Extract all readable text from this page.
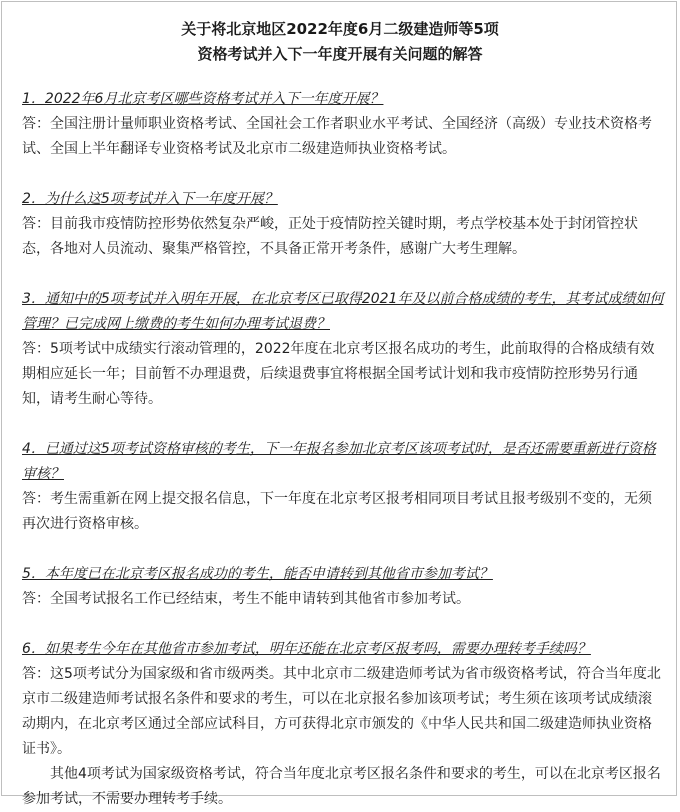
关于将北京地区2022年度6月二级建造师等5项
资格考试并入下一年度开展有关问题的解答
1．2022年6月北京考区哪些资格考试并入下一年度开展？
答：全国注册计量师职业资格考试、全国社会工作者职业水平考试、全国经济（高级）专业技术资格考试、全国上半年翻译专业资格考试及北京市二级建造师执业资格考试。
2．为什么这5项考试并入下一年度开展？
答：目前我市疫情防控形势依然复杂严峻，正处于疫情防控关键时期，考点学校基本处于封闭管控状态，各地对人员流动、聚集严格管控，不具备正常开考条件，感谢广大考生理解。
3．通知中的5项考试并入明年开展，在北京考区已取得2021年及以前合格成绩的考生，其考试成绩如何管理？已完成网上缴费的考生如何办理考试退费？
答：5项考试中成绩实行滚动管理的，2022年度在北京考区报名成功的考生，此前取得的合格成绩有效期相应延长一年；目前暂不办理退费，后续退费事宜将根据全国考试计划和我市疫情防控形势另行通知，请考生耐心等待。
4．已通过这5项考试资格审核的考生，下一年报名参加北京考区该项考试时，是否还需要重新进行资格审核？
答：考生需重新在网上提交报名信息，下一年度在北京考区报考相同项目考试且报考级别不变的，无须再次进行资格审核。
5．本年度已在北京考区报名成功的考生，能否申请转到其他省市参加考试？
答：全国考试报名工作已经结束，考生不能申请转到其他省市参加考试。
6．如果考生今年在其他省市参加考试，明年还能在北京考区报考吗，需要办理转考手续吗？
答：这5项考试分为国家级和省市级两类。其中北京市二级建造师考试为省市级资格考试，符合当年度北京市二级建造师考试报名条件和要求的考生，可以在北京报名参加该项考试；考生须在该项考试成绩滚动期内，在北京考区通过全部应试科目，方可获得北京市颁发的《中华人民共和国二级建造师执业资格证书》。
其他4项考试为国家级资格考试，符合当年度北京考区报名条件和要求的考生，可以在北京考区报名参加考试，不需要办理转考手续。
